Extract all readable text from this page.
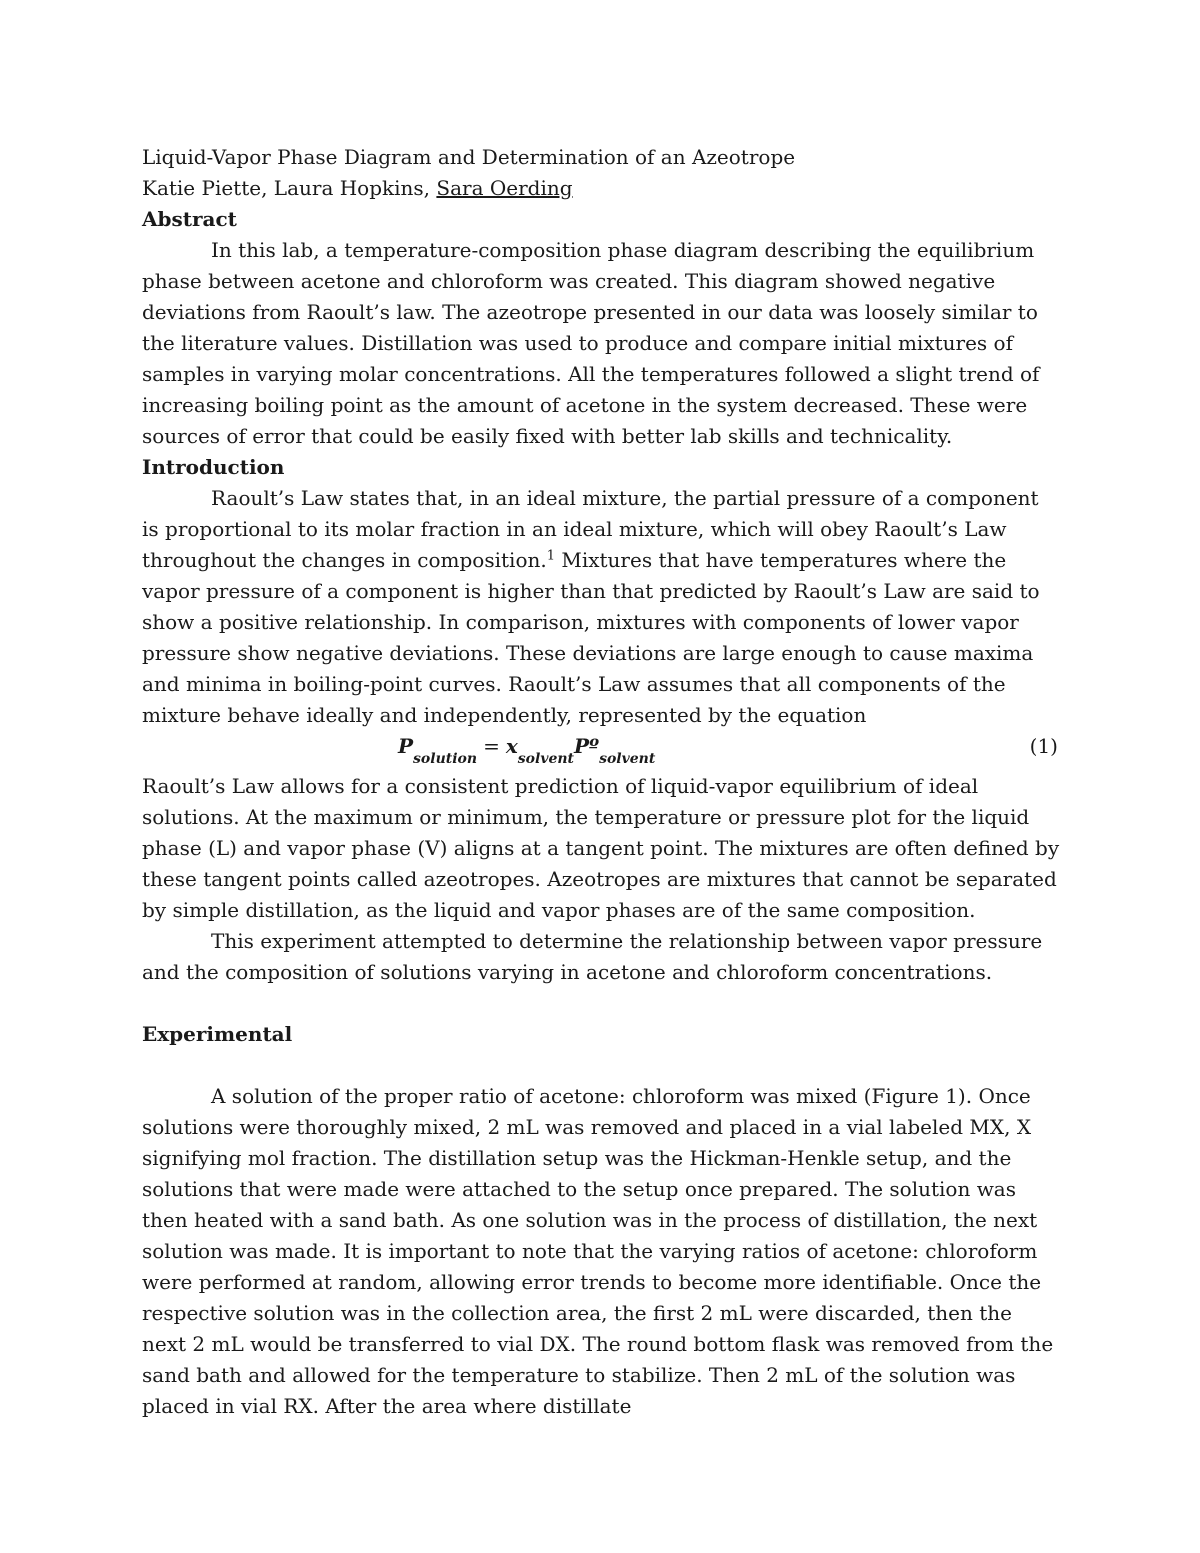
Liquid-Vapor Phase Diagram and Determination of an Azeotrope

Katie Piette, Laura Hopkins, Sara Oerding

Abstract

In this lab, a temperature-composition phase diagram describing the equilibrium phase between acetone and chloroform was created. This diagram showed negative deviations from Raoult’s law. The azeotrope presented in our data was loosely similar to the literature values. Distillation was used to produce and compare initial mixtures of samples in varying molar concentrations. All the temperatures followed a slight trend of increasing boiling point as the amount of acetone in the system decreased. These were sources of error that could be easily fixed with better lab skills and technicality.

Introduction

Raoult’s Law states that, in an ideal mixture, the partial pressure of a component is proportional to its molar fraction in an ideal mixture, which will obey Raoult’s Law throughout the changes in composition.$^1$ Mixtures that have temperatures where the vapor pressure of a component is higher than that predicted by Raoult’s Law are said to show a positive relationship. In comparison, mixtures with components of lower vapor pressure show negative deviations. These deviations are large enough to cause maxima and minima in boiling-point curves. Raoult’s Law assumes that all components of the mixture behave ideally and independently, represented by the equation

$P_{solution}=$ $x_{solvent}Pº_{solvent}$
(1)

Raoult’s Law allows for a consistent prediction of liquid-vapor equilibrium of ideal solutions. At the maximum or minimum, the temperature or pressure plot for the liquid phase (L) and vapor phase (V) aligns at a tangent point. The mixtures are often defined by these tangent points called azeotropes. Azeotropes are mixtures that cannot be separated by simple distillation, as the liquid and vapor phases are of the same composition.

This experiment attempted to determine the relationship between vapor pressure and the composition of solutions varying in acetone and chloroform concentrations.

Experimental

A solution of the proper ratio of acetone: chloroform was mixed (Figure 1). Once solutions were thoroughly mixed, 2 mL was removed and placed in a vial labeled MX, X signifying mol fraction. The distillation setup was the Hickman-Henkle setup, and the solutions that were made were attached to the setup once prepared. The solution was then heated with a sand bath. As one solution was in the process of distillation, the next solution was made. It is important to note that the varying ratios of acetone: chloroform were performed at random, allowing error trends to become more identifiable. Once the respective solution was in the collection area, the first 2 mL were discarded, then the next 2 mL would be transferred to vial DX. The round bottom flask was removed from the sand bath and allowed for the temperature to stabilize. Then 2 mL of the solution was placed in vial RX. After the area where distillate
